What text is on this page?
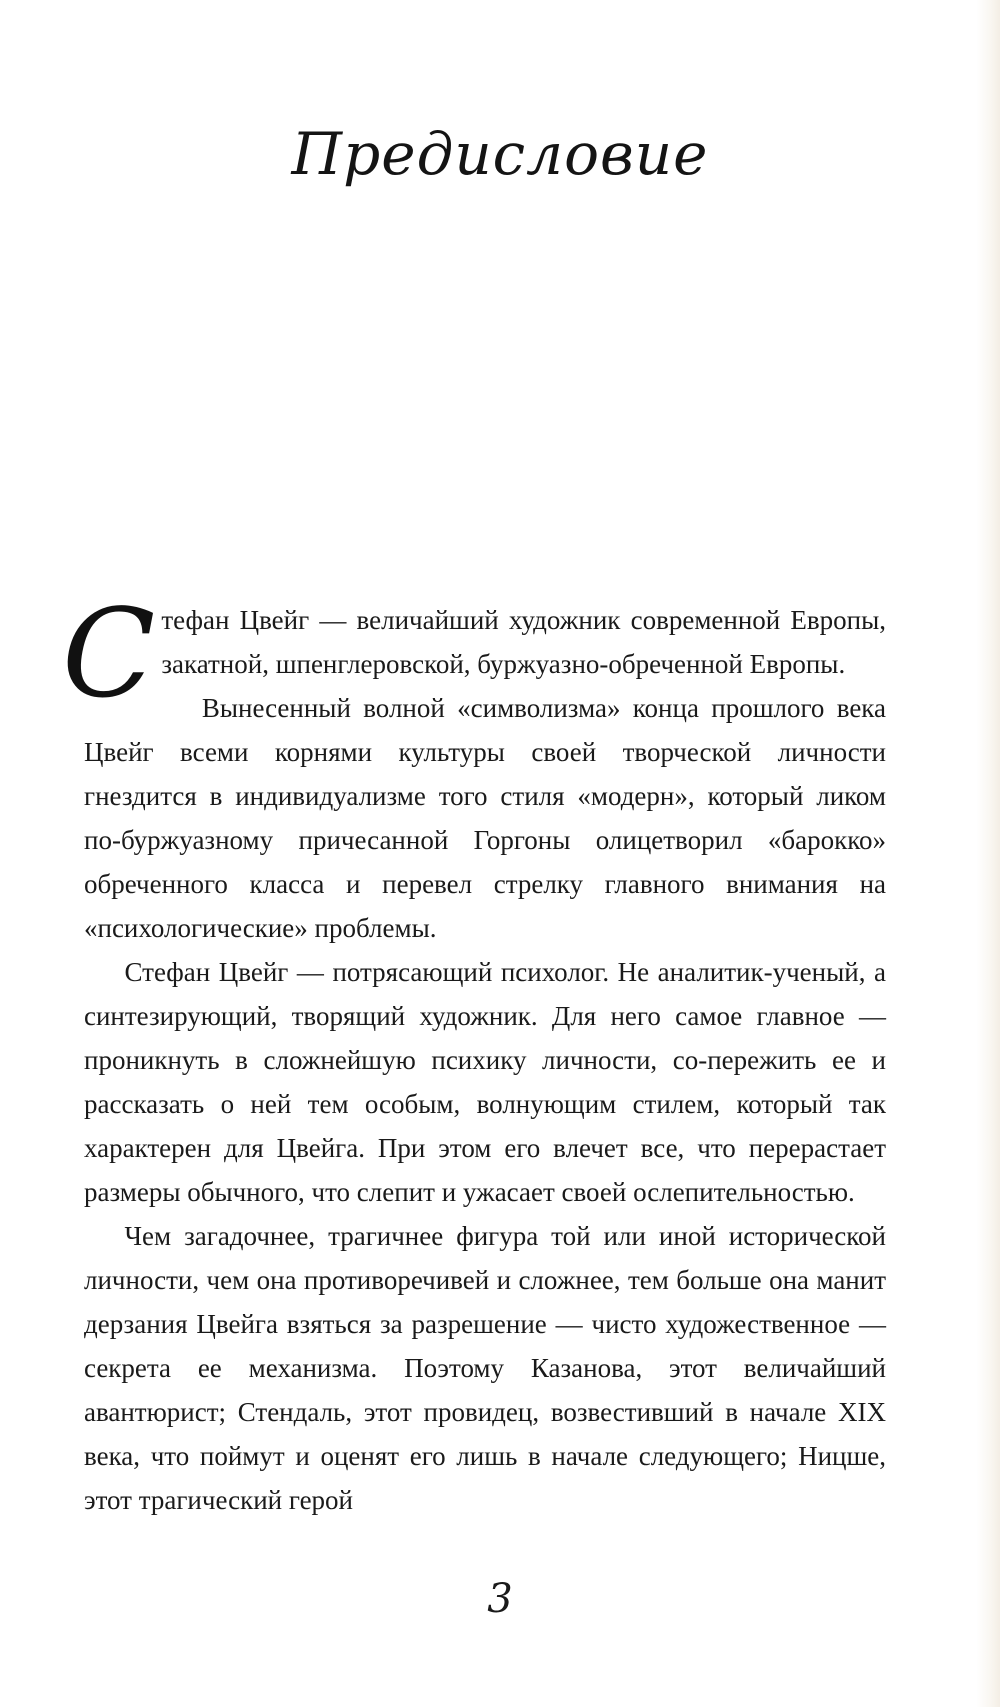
Предисловие

Стефан Цвейг — величайший художник современной Европы, закатной, шпенглеровской, буржуазно-обреченной Европы.

Вынесенный волной «символизма» конца прошлого века Цвейг всеми корнями культуры своей творческой личности гнездится в индивидуализме того стиля «модерн», который ликом по-буржуазному причесанной Горгоны олицетворил «барокко» обреченного класса и перевел стрелку главного внимания на «психологические» проблемы.

Стефан Цвейг — потрясающий психолог. Не аналитик-ученый, а синтезирующий, творящий художник. Для него самое главное — проникнуть в сложнейшую психику личности, со-пережить ее и рассказать о ней тем особым, волнующим стилем, который так характерен для Цвейга. При этом его влечет все, что перерастает размеры обычного, что слепит и ужасает своей ослепительностью.

Чем загадочнее, трагичнее фигура той или иной исторической личности, чем она противоречивей и сложнее, тем больше она манит дерзания Цвейга взяться за разрешение — чисто художественное — секрета ее механизма. Поэтому Казанова, этот величайший авантюрист; Стендаль, этот провидец, возвестивший в начале XIX века, что поймут и оценят его лишь в начале следующего; Ницше, этот трагический герой

3
